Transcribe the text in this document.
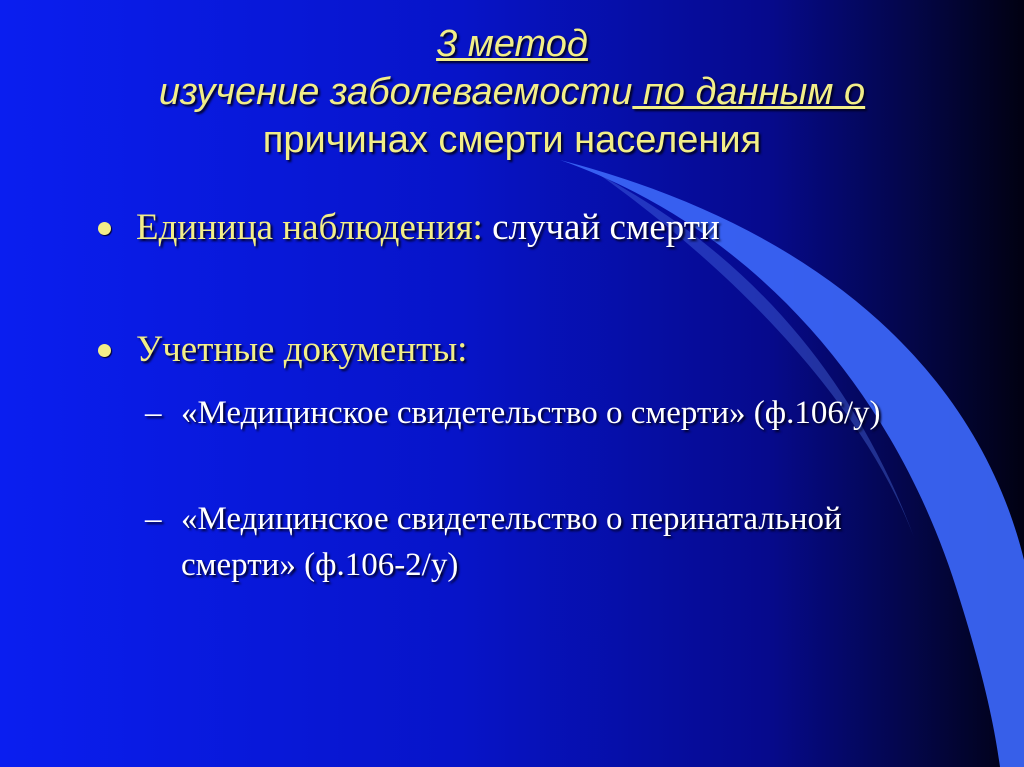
3 метод
изучение заболеваемости по данным о
причинах смерти населения
Единица наблюдения: случай смерти
Учетные документы:
– «Медицинское свидетельство о смерти» (ф.106/у)
– «Медицинское свидетельство о перинатальной смерти» (ф.106-2/у)
